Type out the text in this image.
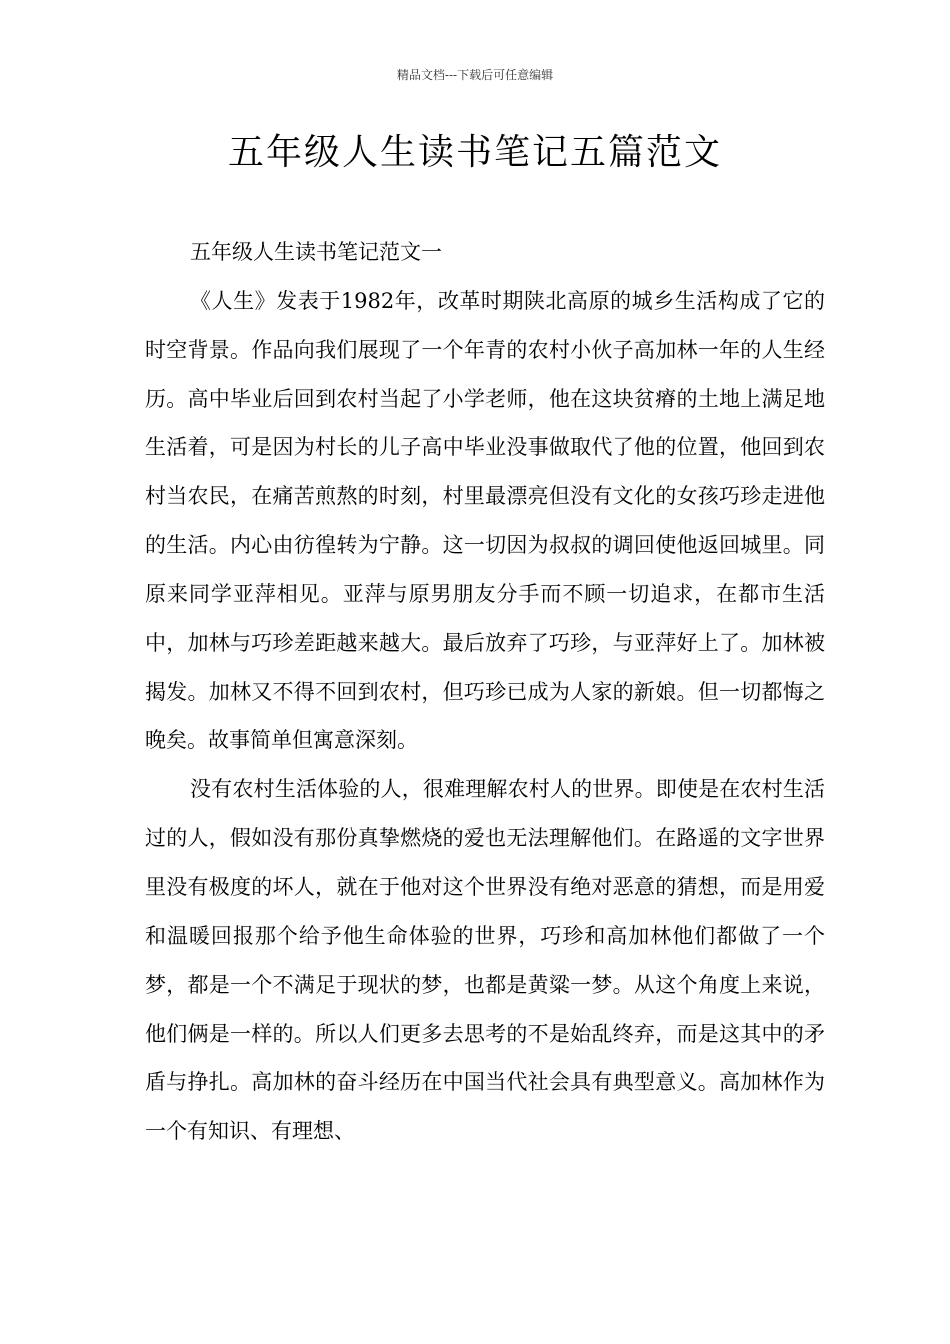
精品文档---下载后可任意编辑
五年级人生读书笔记五篇范文

五年级人生读书笔记范文一

《人生》发表于1982年，改革时期陕北高原的城乡生活构成了它的时空背景。作品向我们展现了一个年青的农村小伙子高加林一年的人生经历。高中毕业后回到农村当起了小学老师，他在这块贫瘠的土地上满足地生活着，可是因为村长的儿子高中毕业没事做取代了他的位置，他回到农村当农民，在痛苦煎熬的时刻，村里最漂亮但没有文化的女孩巧珍走进他的生活。内心由彷徨转为宁静。这一切因为叔叔的调回使他返回城里。同原来同学亚萍相见。亚萍与原男朋友分手而不顾一切追求，在都市生活中，加林与巧珍差距越来越大。最后放弃了巧珍，与亚萍好上了。加林被揭发。加林又不得不回到农村，但巧珍已成为人家的新娘。但一切都悔之晚矣。故事简单但寓意深刻。

没有农村生活体验的人，很难理解农村人的世界。即使是在农村生活过的人，假如没有那份真挚燃烧的爱也无法理解他们。在路遥的文字世界里没有极度的坏人，就在于他对这个世界没有绝对恶意的猜想，而是用爱和温暖回报那个给予他生命体验的世界，巧珍和高加林他们都做了一个梦，都是一个不满足于现状的梦，也都是黄粱一梦。从这个角度上来说，他们俩是一样的。所以人们更多去思考的不是始乱终弃，而是这其中的矛盾与挣扎。高加林的奋斗经历在中国当代社会具有典型意义。高加林作为一个有知识、有理想、
